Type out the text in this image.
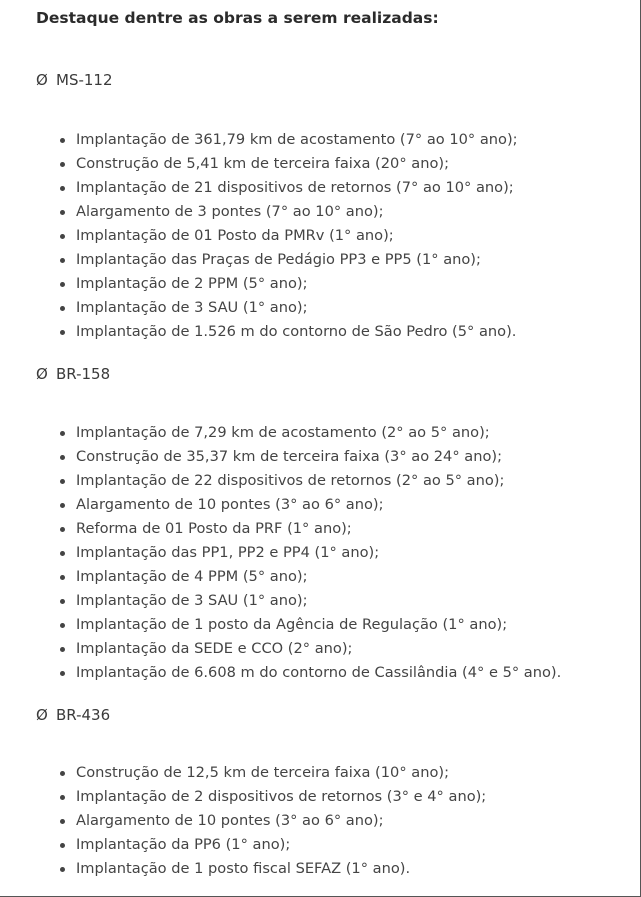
Destaque dentre as obras a serem realizadas:
Ø MS-112
Implantação de 361,79 km de acostamento (7° ao 10° ano);
Construção de 5,41 km de terceira faixa (20° ano);
Implantação de 21 dispositivos de retornos (7° ao 10° ano);
Alargamento de 3 pontes (7° ao 10° ano);
Implantação de 01 Posto da PMRv (1° ano);
Implantação das Praças de Pedágio PP3 e PP5 (1° ano);
Implantação de 2 PPM (5° ano);
Implantação de 3 SAU (1° ano);
Implantação de 1.526 m do contorno de São Pedro (5° ano).
Ø BR-158
Implantação de 7,29 km de acostamento (2° ao 5° ano);
Construção de 35,37 km de terceira faixa (3° ao 24° ano);
Implantação de 22 dispositivos de retornos (2° ao 5° ano);
Alargamento de 10 pontes (3° ao 6° ano);
Reforma de 01 Posto da PRF (1° ano);
Implantação das PP1, PP2 e PP4 (1° ano);
Implantação de 4 PPM (5° ano);
Implantação de 3 SAU (1° ano);
Implantação de 1 posto da Agência de Regulação (1° ano);
Implantação da SEDE e CCO (2° ano);
Implantação de 6.608 m do contorno de Cassilândia (4° e 5° ano).
Ø BR-436
Construção de 12,5 km de terceira faixa (10° ano);
Implantação de 2 dispositivos de retornos (3° e 4° ano);
Alargamento de 10 pontes (3° ao 6° ano);
Implantação da PP6 (1° ano);
Implantação de 1 posto fiscal SEFAZ (1° ano).
